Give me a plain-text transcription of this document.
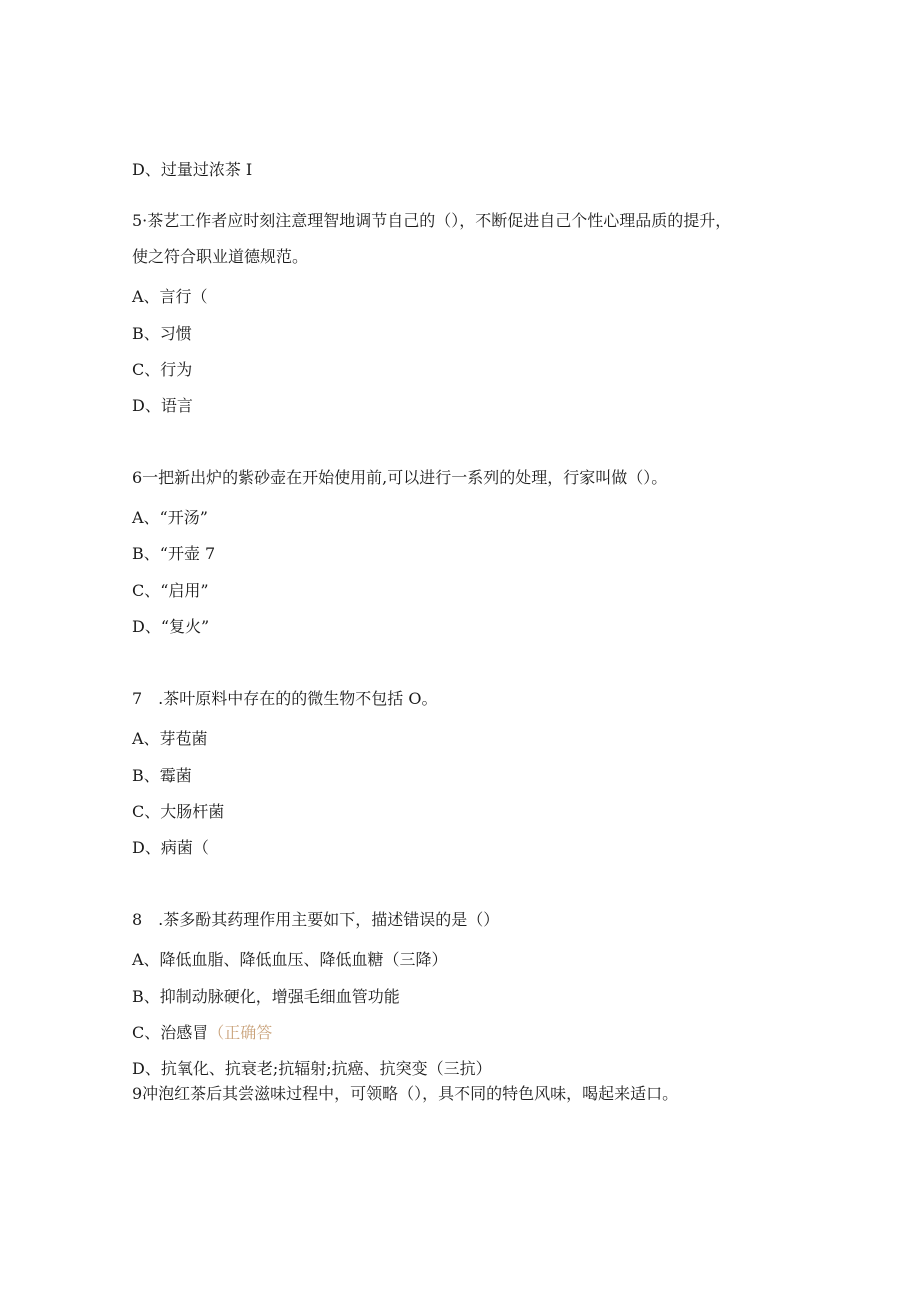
D、过量过浓茶 I
5·茶艺工作者应时刻注意理智地调节自己的（），不断促进自己个性心理品质的提升，
使之符合职业道德规范。
A、言行（
B、习惯
C、行为
D、语言
6一把新出炉的紫砂壶在开始使用前,可以进行一系列的处理，行家叫做（）。
A、“开汤”
B、“开壶 7
C、“启用”
D、“复火”
7　.茶叶原料中存在的的微生物不包括 O。
A、芽苞菌
B、霉菌
C、大肠杆菌
D、病菌（
8　.茶多酚其药理作用主要如下，描述错误的是（）
A、降低血脂、降低血压、降低血糖（三降）
B、抑制动脉硬化，增强毛细血管功能
C、治感冒（正确答
D、抗氧化、抗衰老;抗辐射;抗癌、抗突变（三抗）
9冲泡红茶后其尝滋味过程中，可领略（），具不同的特色风味，喝起来适口。
